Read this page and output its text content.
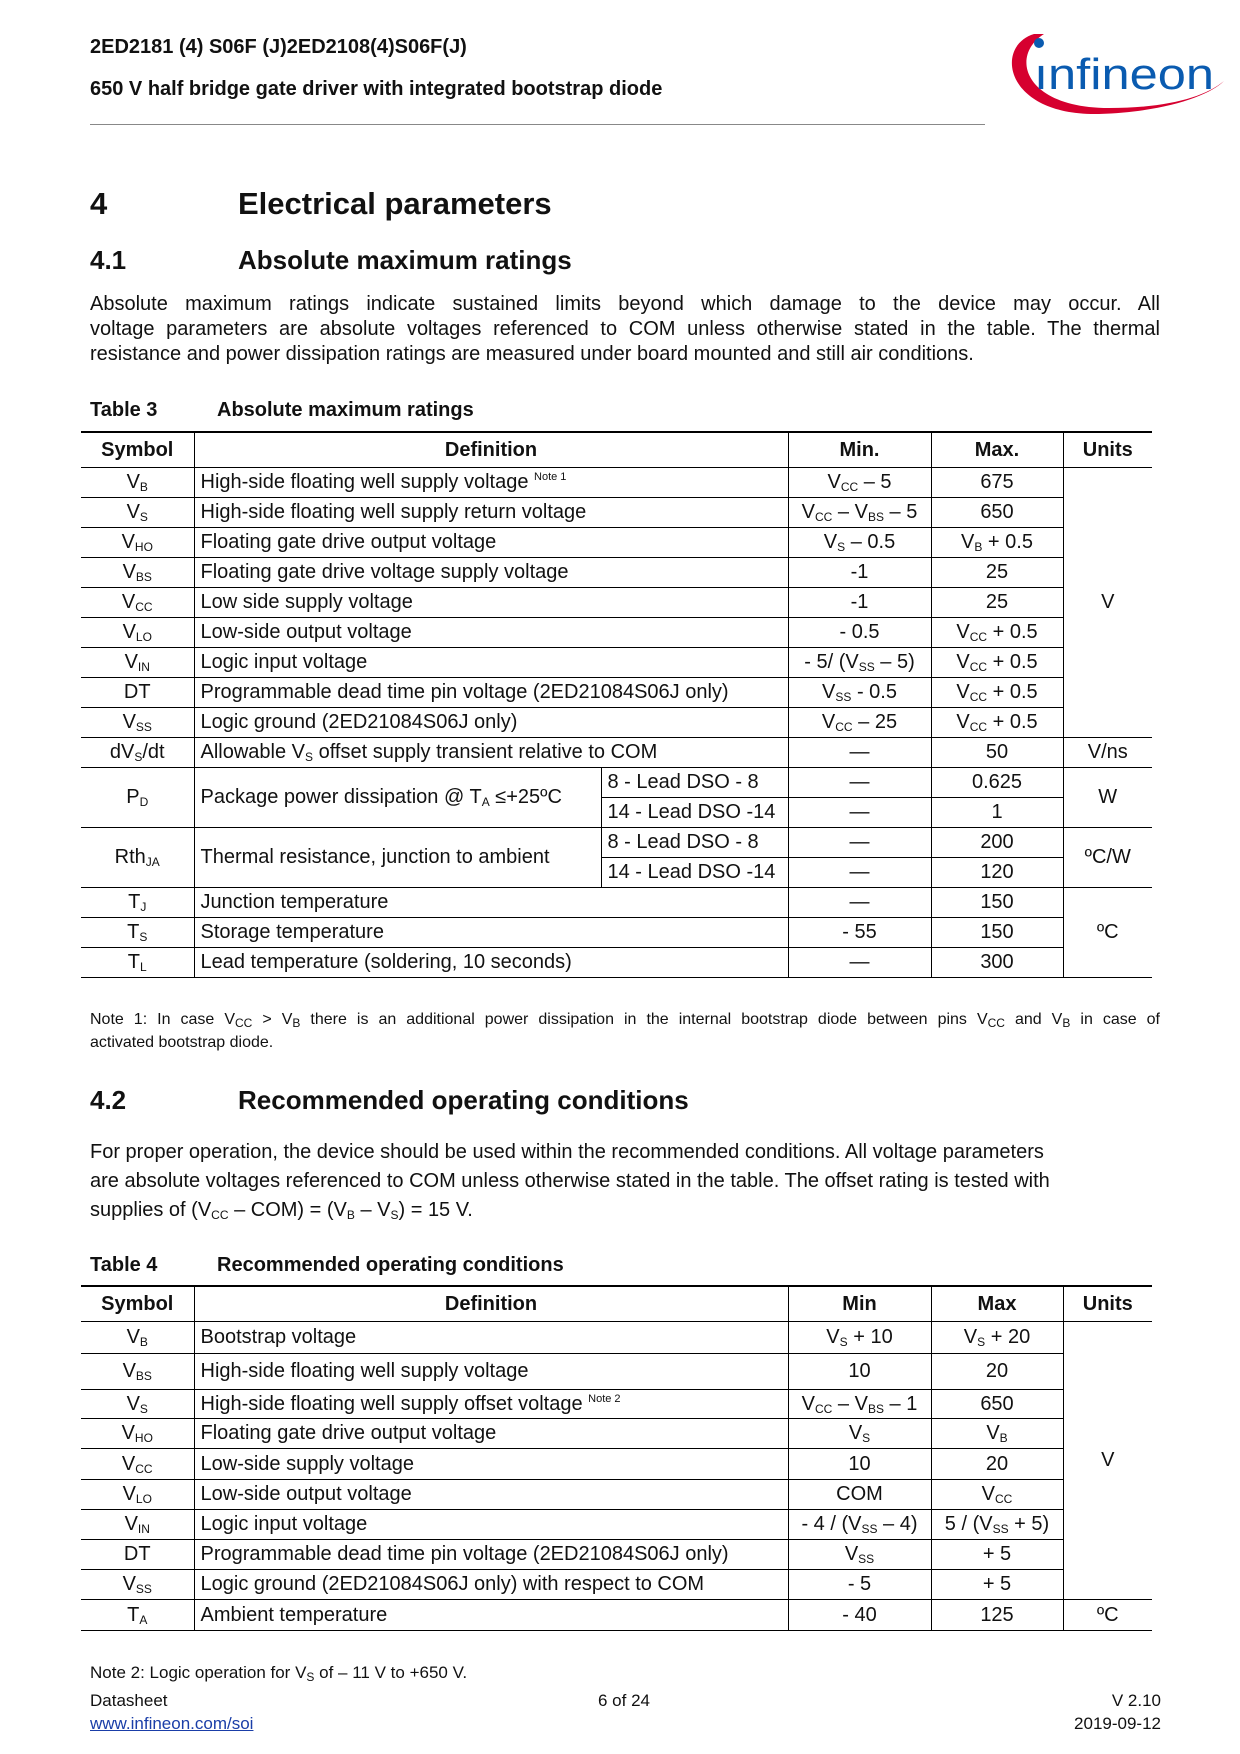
2ED2181 (4) S06F (J)2ED2108(4)S06F(J)
650 V half bridge gate driver with integrated bootstrap diode	ınfineon
4	Electrical parameters
4.1	Absolute maximum ratings
Absolute maximum ratings indicate sustained limits beyond which damage to the device may occur. All
voltage parameters are absolute voltages referenced to COM unless otherwise stated in the table. The thermal
resistance and power dissipation ratings are measured under board mounted and still air conditions.
Table 3	Absolute maximum ratings
Symbol	Definition		Min.	Max.	Units
$V_B$	High-side floating well supply voltage $^{Note 1}$		$V_{CC} - 5$	675	V
$V_S$	High-side floating well supply return voltage		$V_{CC} - V_{BS} - 5$	650	
$V_{HO}$	Floating gate drive output voltage		$V_S - 0.5$	$V_B + 0.5$	
$V_{BS}$	Floating gate drive voltage supply voltage		-1	25	
$V_{CC}$	Low side supply voltage		-1	25	
$V_{LO}$	Low-side output voltage		- 0.5	$V_{CC} + 0.5$	
$V_{IN}$	Logic input voltage		- 5/ $(V_{SS} - 5)$	$V_{CC} + 0.5$	
DT	Programmable dead time pin voltage (2ED21084S06J only)		$V_{SS} - 0.5$	$V_{CC} + 0.5$	
$V_{SS}$	Logic ground (2ED21084S06J only)		$V_{CC} - 25$	$V_{CC} + 0.5$	
$dV_S/dt$	Allowable $V_S$ offset supply transient relative to COM		—	50	V/ns
$P_D$	Package power dissipation @ $T_A$ ≤+25ºC	8 - Lead DSO - 8	—	0.625	W
		14 - Lead DSO -14	—	1	
Rth$_{JA}$	Thermal resistance, junction to ambient	8 - Lead DSO - 8	—	200	ºC/W
		14 - Lead DSO -14	—	120	
$T_J$	Junction temperature		—	150	ºC
$T_S$	Storage temperature		- 55	150	
$T_L$	Lead temperature (soldering, 10 seconds)		—	300	
Note 1: In case $V_{CC} > V_B$ there is an additional power dissipation in the internal bootstrap diode between pins $V_{CC}$ and $V_B$ in case of
activated bootstrap diode.
4.2	Recommended operating conditions
For proper operation, the device should be used within the recommended conditions. All voltage parameters
are absolute voltages referenced to COM unless otherwise stated in the table. The offset rating is tested with
supplies of $(V_{CC} - COM) = (V_B - V_S) = 15$ V.
Table 4	Recommended operating conditions
Symbol	Definition	Min	Max	Units
$V_B$	Bootstrap voltage	$V_S + 10$	$V_S + 20$	V
$V_{BS}$	High-side floating well supply voltage	10	20	
$V_S$	High-side floating well supply offset voltage $^{Note 2}$	$V_{CC} - V_{BS} - 1$	650	
$V_{HO}$	Floating gate drive output voltage	$V_S$	$V_B$
$V_{CC}$	Low-side supply voltage	10	20	
$V_{LO}$	Low-side output voltage	COM	$V_{CC}$
$V_{IN}$	Logic input voltage	- $4 / (V_{SS} - 4)$	$5 / (V_{SS} + 5)$	
DT	Programmable dead time pin voltage (2ED21084S06J only)	$V_{SS}$	+ 5	
$V_{SS}$	Logic ground (2ED21084S06J only) with respect to COM	- 5	+ 5	
$T_A$	Ambient temperature	- 40	125	ºC
Note 2: Logic operation for $V_S$ of – 11 V to +650 V.
Datasheet
www.infineon.com/soi
6 of 24	V 2.10
2019-09-12
